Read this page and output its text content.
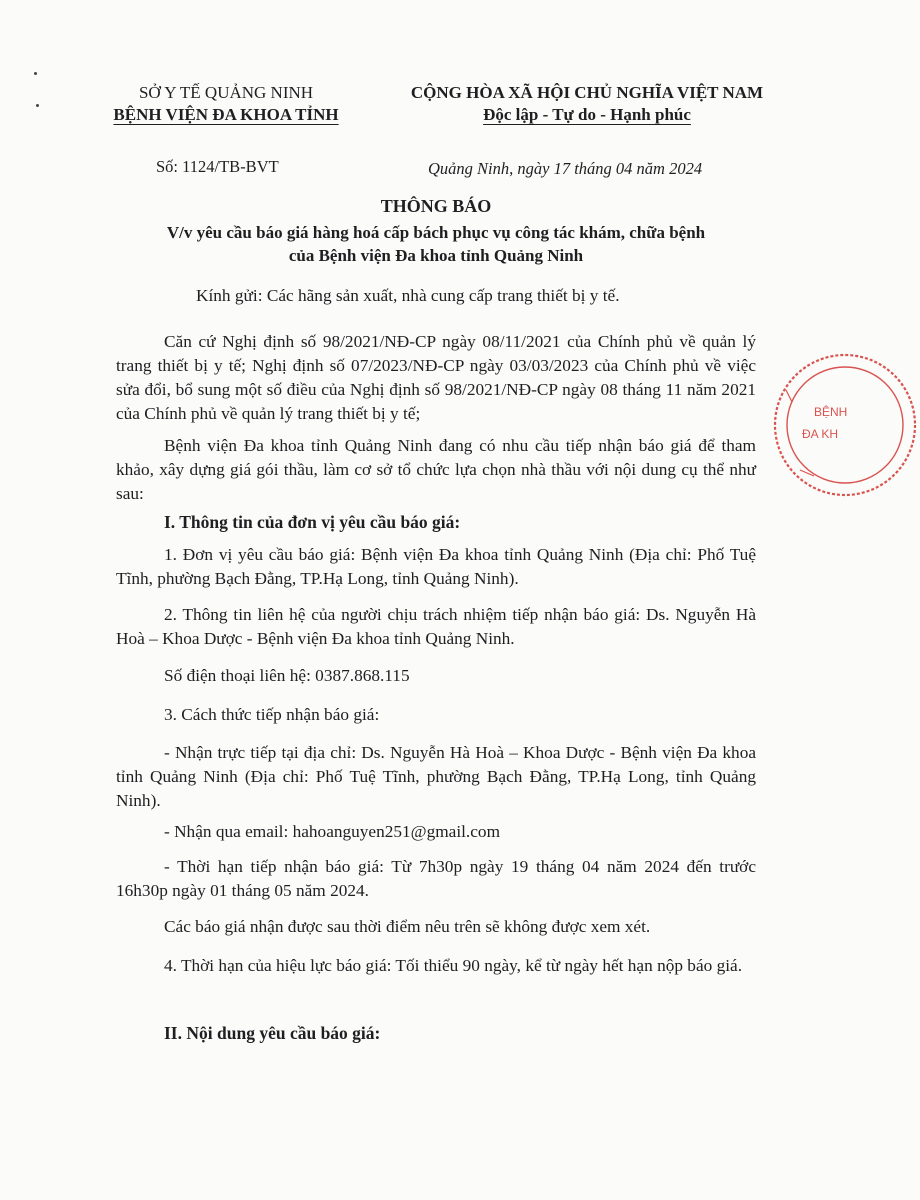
SỞ Y TẾ QUẢNG NINH
BỆNH VIỆN ĐA KHOA TỈNH
CỘNG HÒA XÃ HỘI CHỦ NGHĨA VIỆT NAM
Độc lập - Tự do - Hạnh phúc
Số: 1124/TB-BVT	Quảng Ninh, ngày 17 tháng 04 năm 2024
THÔNG BÁO
V/v yêu cầu báo giá hàng hoá cấp bách phục vụ công tác khám, chữa bệnh
của Bệnh viện Đa khoa tỉnh Quảng Ninh
Kính gửi: Các hãng sản xuất, nhà cung cấp trang thiết bị y tế.
Căn cứ Nghị định số 98/2021/NĐ-CP ngày 08/11/2021 của Chính phủ về quản lý trang thiết bị y tế; Nghị định số 07/2023/NĐ-CP ngày 03/03/2023 của Chính phủ về việc sửa đổi, bổ sung một số điều của Nghị định số 98/2021/NĐ-CP ngày 08 tháng 11 năm 2021 của Chính phủ về quản lý trang thiết bị y tế;
Bệnh viện Đa khoa tỉnh Quảng Ninh đang có nhu cầu tiếp nhận báo giá để tham khảo, xây dựng giá gói thầu, làm cơ sở tổ chức lựa chọn nhà thầu với nội dung cụ thể như sau:
I. Thông tin của đơn vị yêu cầu báo giá:
1. Đơn vị yêu cầu báo giá: Bệnh viện Đa khoa tỉnh Quảng Ninh (Địa chỉ: Phố Tuệ Tĩnh, phường Bạch Đằng, TP.Hạ Long, tỉnh Quảng Ninh).
2. Thông tin liên hệ của người chịu trách nhiệm tiếp nhận báo giá: Ds. Nguyễn Hà Hoà – Khoa Dược - Bệnh viện Đa khoa tỉnh Quảng Ninh.
Số điện thoại liên hệ: 0387.868.115
3. Cách thức tiếp nhận báo giá:
- Nhận trực tiếp tại địa chỉ: Ds. Nguyễn Hà Hoà – Khoa Dược - Bệnh viện Đa khoa tỉnh Quảng Ninh (Địa chỉ: Phố Tuệ Tĩnh, phường Bạch Đằng, TP.Hạ Long, tỉnh Quảng Ninh).
- Nhận qua email: hahoanguyen251@gmail.com
- Thời hạn tiếp nhận báo giá: Từ 7h30p ngày 19 tháng 04 năm 2024 đến trước 16h30p ngày 01 tháng 05 năm 2024.
Các báo giá nhận được sau thời điểm nêu trên sẽ không được xem xét.
4. Thời hạn của hiệu lực báo giá: Tối thiểu 90 ngày, kể từ ngày hết hạn nộp báo giá.
II. Nội dung yêu cầu báo giá:
BỆNH
ĐA KH
